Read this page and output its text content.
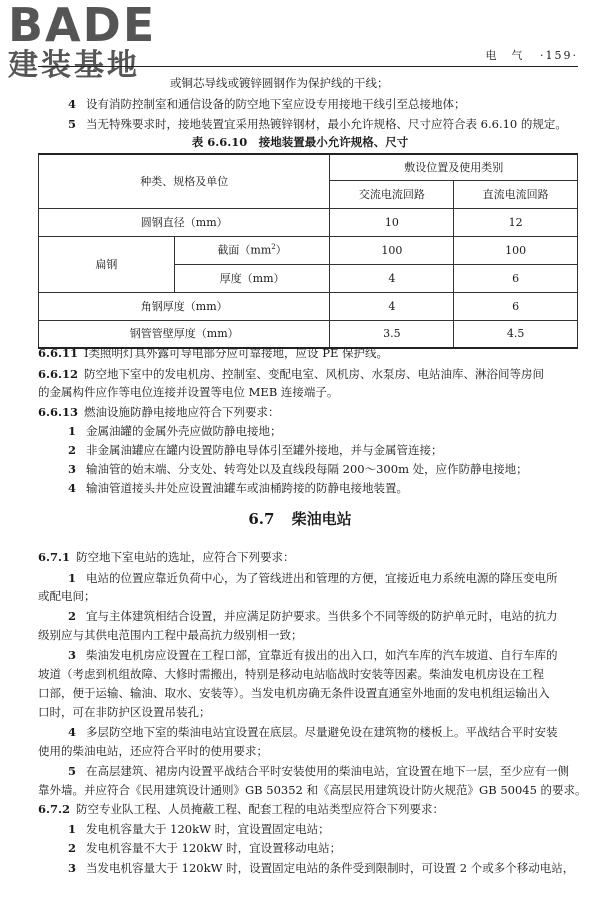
BADE
建装基地	电　气 ·159·
或铜芯导线或镀锌圆钢作为保护线的干线；
4 设有消防控制室和通信设备的防空地下室应设专用接地干线引至总接地体；
5 当无特殊要求时，接地装置宜采用热镀锌钢材，最小允许规格、尺寸应符合表 6.6.10 的规定。
表 6.6.10　接地装置最小允许规格、尺寸
种类、规格及单位		敷设位置及使用类别	
		交流电流回路	直流电流回路
圆钢直径（mm）		10	12
扁钢	截面$(mm^2)$	100	100
	厚度（mm）	4	6
角钢厚度（mm）		4	6
钢管管壁厚度（mm）		3.5	4.5
6.6.11 Ⅰ类照明灯具外露可导电部分应可靠接地，应设 PE 保护线。
6.6.12 防空地下室中的发电机房、控制室、变配电室、风机房、水泵房、电站油库、淋浴间等房间
的金属构件应作等电位连接并设置等电位 MEB 连接端子。
6.6.13 燃油设施防静电接地应符合下列要求：
1 金属油罐的金属外壳应做防静电接地；
2 非金属油罐应在罐内设置防静电导体引至罐外接地，并与金属管连接；
3 输油管的始末端、分支处、转弯处以及直线段每隔 200～300m 处，应作防静电接地；
4 输油管道接头井处应设置油罐车或油桶跨接的防静电接地装置。
6.7 柴油电站
6.7.1 防空地下室电站的选址，应符合下列要求：
1 电站的位置应靠近负荷中心，为了管线进出和管理的方便，宜接近电力系统电源的降压变电所
或配电间；
2 宜与主体建筑相结合设置，并应满足防护要求。当供多个不同等级的防护单元时，电站的抗力
级别应与其供电范围内工程中最高抗力级别相一致；
3 柴油发电机房应设置在工程口部，宜靠近有拔出的出入口，如汽车库的汽车坡道、自行车库的
坡道（考虑到机组故障、大修时需搬出，特别是移动电站临战时安装等因素。柴油发电机房设在工程
口部，便于运输、输油、取水、安装等）。当发电机房确无条件设置直通室外地面的发电机组运输出入
口时，可在非防护区设置吊装孔；
4 多层防空地下室的柴油电站宜设置在底层。尽量避免设在建筑物的楼板上。平战结合平时安装
使用的柴油电站，还应符合平时的使用要求；
5 在高层建筑、裙房内设置平战结合平时安装使用的柴油电站，宜设置在地下一层，至少应有一侧
靠外墙。并应符合《民用建筑设计通则》GB 50352 和《高层民用建筑设计防火规范》GB 50045 的要求。
6.7.2 防空专业队工程、人员掩蔽工程、配套工程的电站类型应符合下列要求：
1 发电机容量大于 120kW 时，宜设置固定电站；
2 发电机容量不大于 120kW 时，宜设置移动电站；
3 当发电机容量大于 120kW 时，设置固定电站的条件受到限制时，可设置 2 个或多个移动电站，
